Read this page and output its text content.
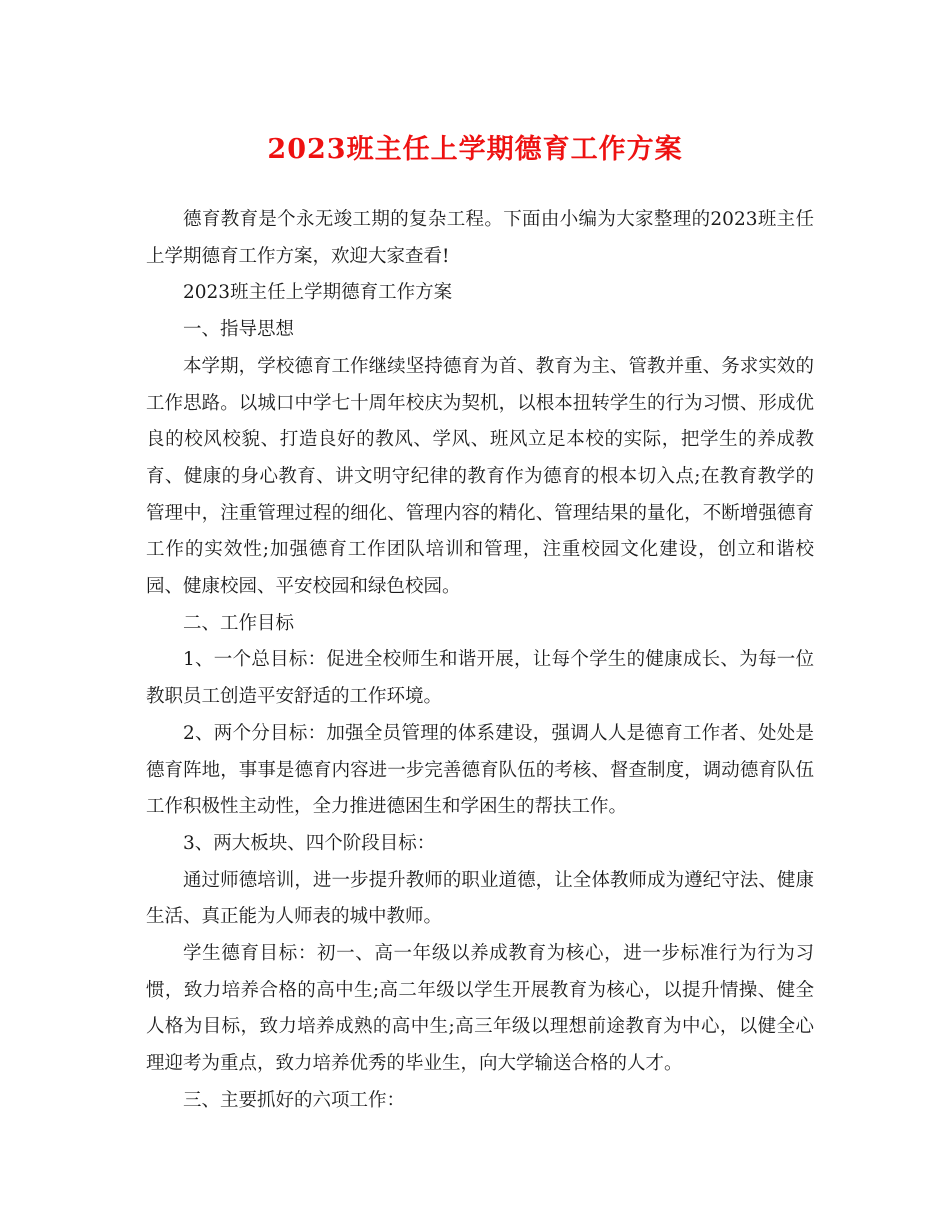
2023班主任上学期德育工作方案

德育教育是个永无竣工期的复杂工程。下面由小编为大家整理的2023班主任上学期德育工作方案，欢迎大家查看!

2023班主任上学期德育工作方案

一、指导思想

本学期，学校德育工作继续坚持德育为首、教育为主、管教并重、务求实效的工作思路。以城口中学七十周年校庆为契机，以根本扭转学生的行为习惯、形成优良的校风校貌、打造良好的教风、学风、班风立足本校的实际，把学生的养成教育、健康的身心教育、讲文明守纪律的教育作为德育的根本切入点;在教育教学的管理中，注重管理过程的细化、管理内容的精化、管理结果的量化，不断增强德育工作的实效性;加强德育工作团队培训和管理，注重校园文化建设，创立和谐校园、健康校园、平安校园和绿色校园。

二、工作目标

1、一个总目标：促进全校师生和谐开展，让每个学生的健康成长、为每一位教职员工创造平安舒适的工作环境。

2、两个分目标：加强全员管理的体系建设，强调人人是德育工作者、处处是德育阵地，事事是德育内容进一步完善德育队伍的考核、督查制度，调动德育队伍工作积极性主动性，全力推进德困生和学困生的帮扶工作。

3、两大板块、四个阶段目标：

通过师德培训，进一步提升教师的职业道德，让全体教师成为遵纪守法、健康生活、真正能为人师表的城中教师。

学生德育目标：初一、高一年级以养成教育为核心，进一步标准行为行为习惯，致力培养合格的高中生;高二年级以学生开展教育为核心，以提升情操、健全人格为目标，致力培养成熟的高中生;高三年级以理想前途教育为中心，以健全心理迎考为重点，致力培养优秀的毕业生，向大学输送合格的人才。

三、主要抓好的六项工作：
